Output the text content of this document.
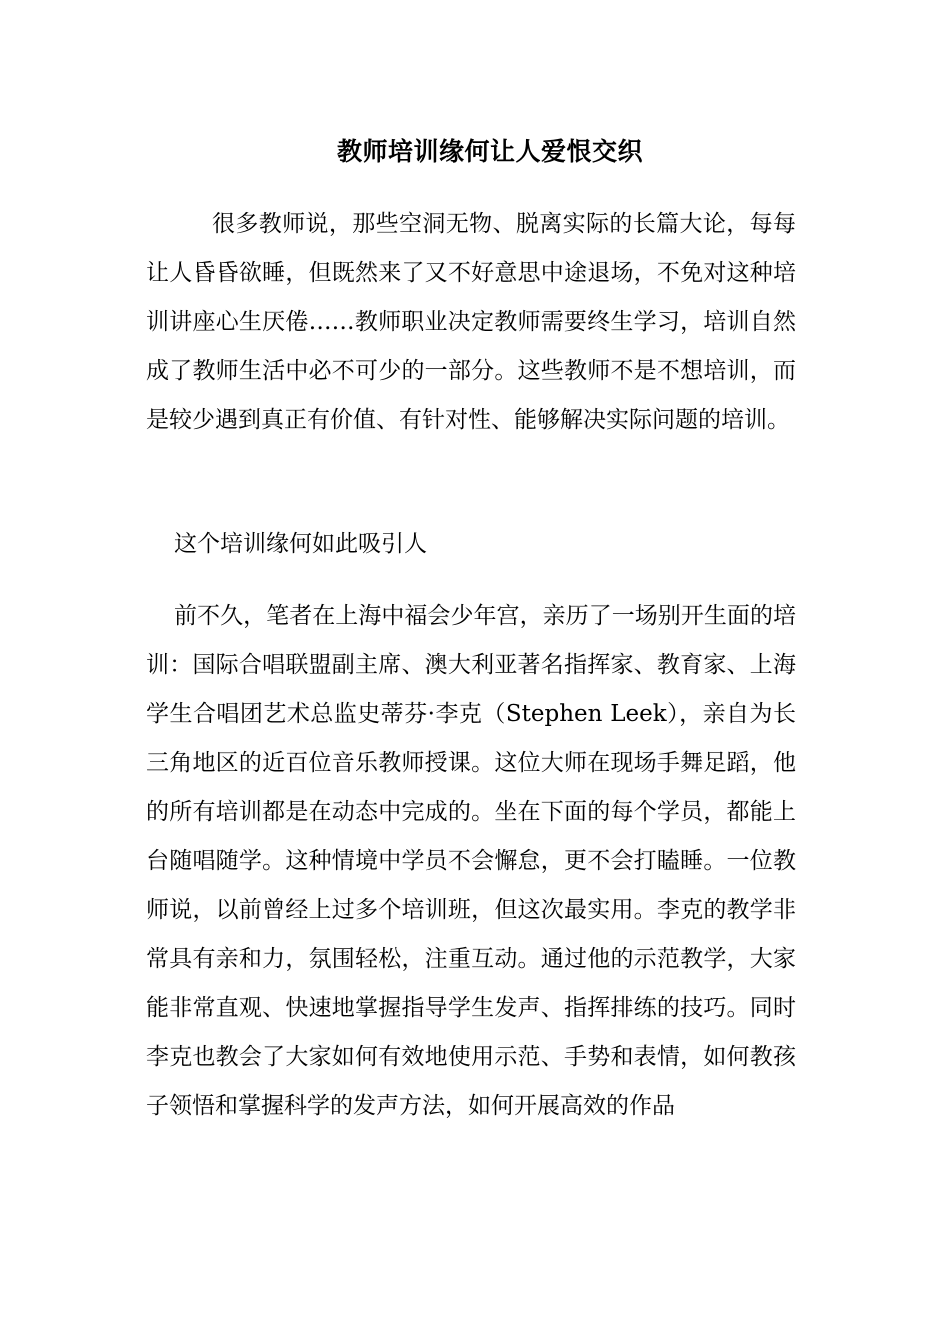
教师培训缘何让人爱恨交织

很多教师说，那些空洞无物、脱离实际的长篇大论，每每让人昏昏欲睡，但既然来了又不好意思中途退场，不免对这种培训讲座心生厌倦……教师职业决定教师需要终生学习，培训自然成了教师生活中必不可少的一部分。这些教师不是不想培训，而是较少遇到真正有价值、有针对性、能够解决实际问题的培训。

这个培训缘何如此吸引人

前不久，笔者在上海中福会少年宫，亲历了一场别开生面的培训：国际合唱联盟副主席、澳大利亚著名指挥家、教育家、上海学生合唱团艺术总监史蒂芬·李克（Stephen Leek），亲自为长三角地区的近百位音乐教师授课。这位大师在现场手舞足蹈，他的所有培训都是在动态中完成的。坐在下面的每个学员，都能上台随唱随学。这种情境中学员不会懈怠，更不会打瞌睡。一位教师说，以前曾经上过多个培训班，但这次最实用。李克的教学非常具有亲和力，氛围轻松，注重互动。通过他的示范教学，大家能非常直观、快速地掌握指导学生发声、指挥排练的技巧。同时李克也教会了大家如何有效地使用示范、手势和表情，如何教孩子领悟和掌握科学的发声方法，如何开展高效的作品
